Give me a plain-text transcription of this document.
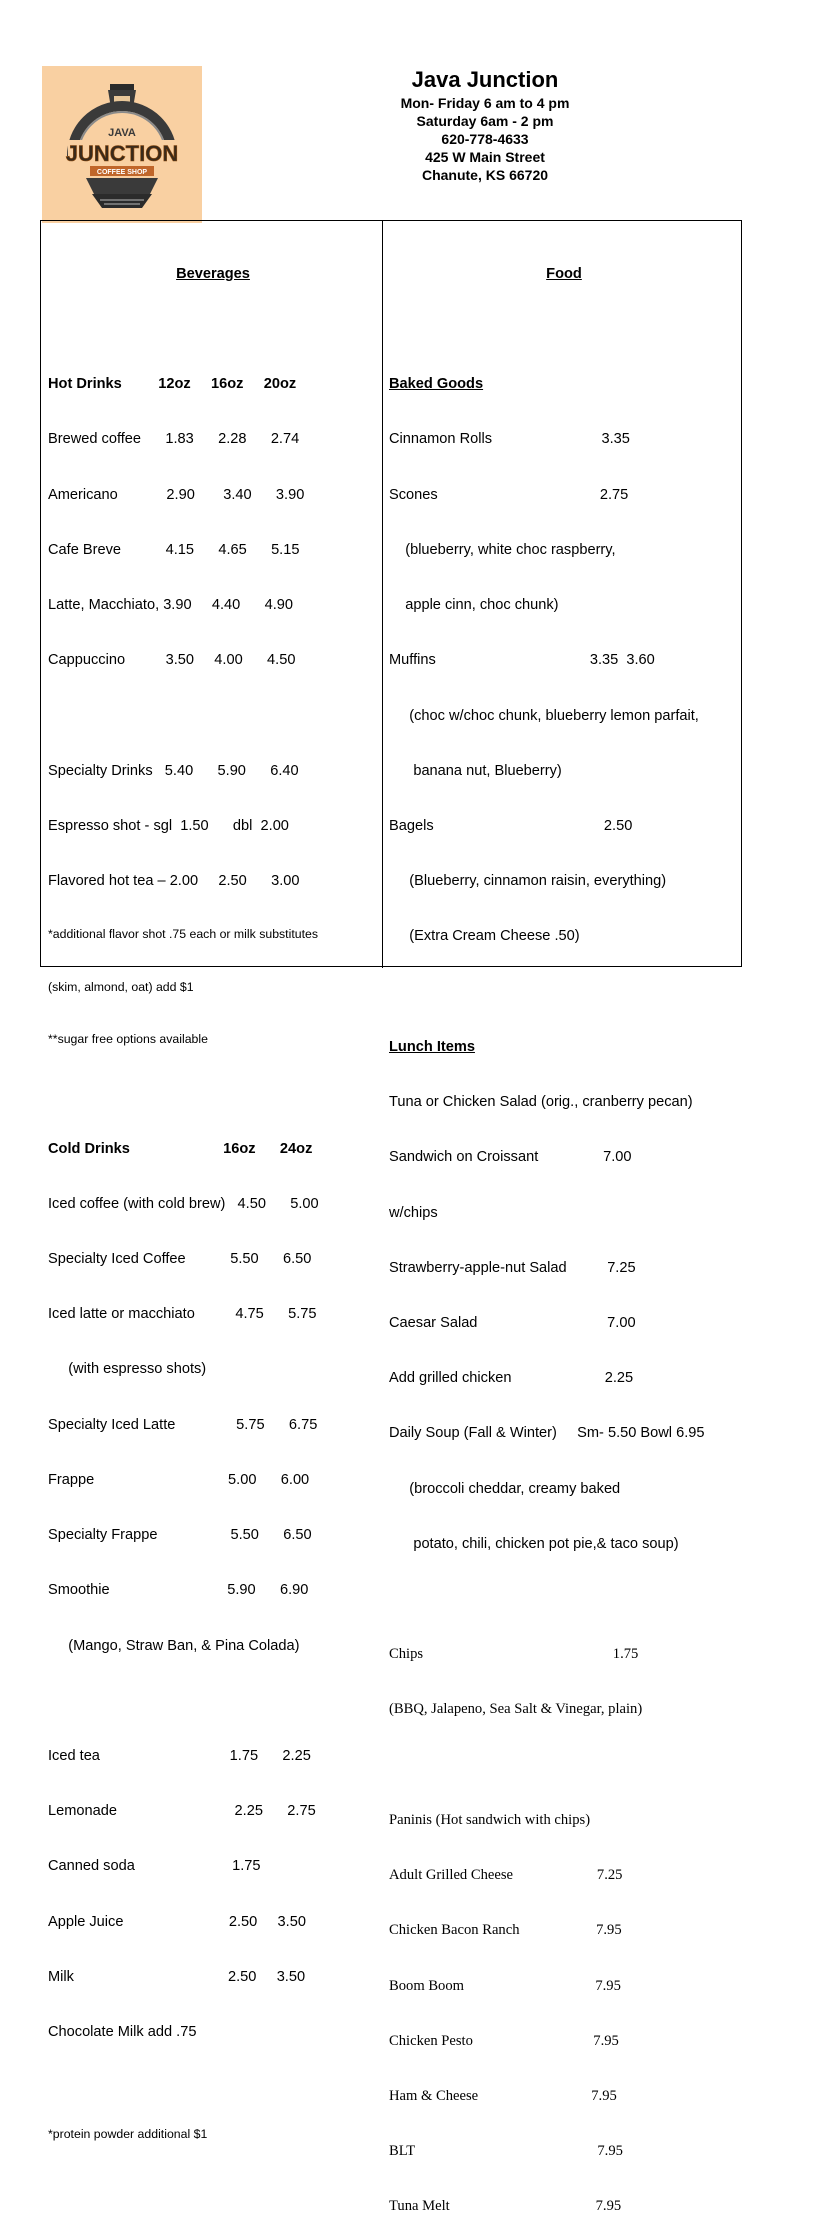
JAVA
JUNCTION
COFFEE SHOP
Java Junction
Mon- Friday 6 am to 4 pm
Saturday 6am - 2 pm
620-778-4633
425 W Main Street
Chanute, KS 66720

Beverages

Hot Drinks         12oz     16oz     20oz

Brewed coffee      1.83      2.28      2.74

Americano            2.90       3.40      3.90

Cafe Breve           4.15      4.65      5.15

Latte, Macchiato, 3.90     4.40      4.90

Cappuccino          3.50     4.00      4.50

Specialty Drinks   5.40      5.90      6.40

Espresso shot - sgl  1.50      dbl  2.00

Flavored hot tea – 2.00     2.50      3.00

*additional flavor shot .75 each or milk substitutes

(skim, almond, oat) add $1

**sugar free options available

Cold Drinks                       16oz      24oz

Iced coffee (with cold brew)   4.50      5.00

Specialty Iced Coffee           5.50      6.50

Iced latte or macchiato          4.75      5.75

(with espresso shots)

Specialty Iced Latte               5.75      6.75

Frappe                                 5.00      6.00

Specialty Frappe                  5.50      6.50

Smoothie                             5.90      6.90

(Mango, Straw Ban, & Pina Colada)

Iced tea                                1.75      2.25

Lemonade                             2.25      2.75

Canned soda                        1.75

Apple Juice                          2.50     3.50

Milk                                      2.50     3.50

Chocolate Milk add .75

*protein powder additional $1

Food

Baked Goods

Cinnamon Rolls                           3.35

Scones                                        2.75

(blueberry, white choc raspberry,

apple cinn, choc chunk)

Muffins                                      3.35  3.60

(choc w/choc chunk, blueberry lemon parfait,

banana nut, Blueberry)

Bagels                                          2.50

(Blueberry, cinnamon raisin, everything)

(Extra Cream Cheese .50)

Lunch Items

Tuna or Chicken Salad (orig., cranberry pecan)

Sandwich on Croissant                7.00

w/chips

Strawberry-apple-nut Salad          7.25

Caesar Salad                                7.00

Add grilled chicken                       2.25

Daily Soup (Fall & Winter)     Sm- 5.50 Bowl 6.95

(broccoli cheddar, creamy baked

potato, chili, chicken pot pie,& taco soup)

Chips                                                    1.75

(BBQ, Jalapeno, Sea Salt & Vinegar, plain)

Paninis (Hot sandwich with chips)

Adult Grilled Cheese                       7.25

Chicken Bacon Ranch                     7.95

Boom Boom                                    7.95

Chicken Pesto                                 7.95

Ham & Cheese                               7.95

BLT                                                  7.95

Tuna Melt                                        7.95
